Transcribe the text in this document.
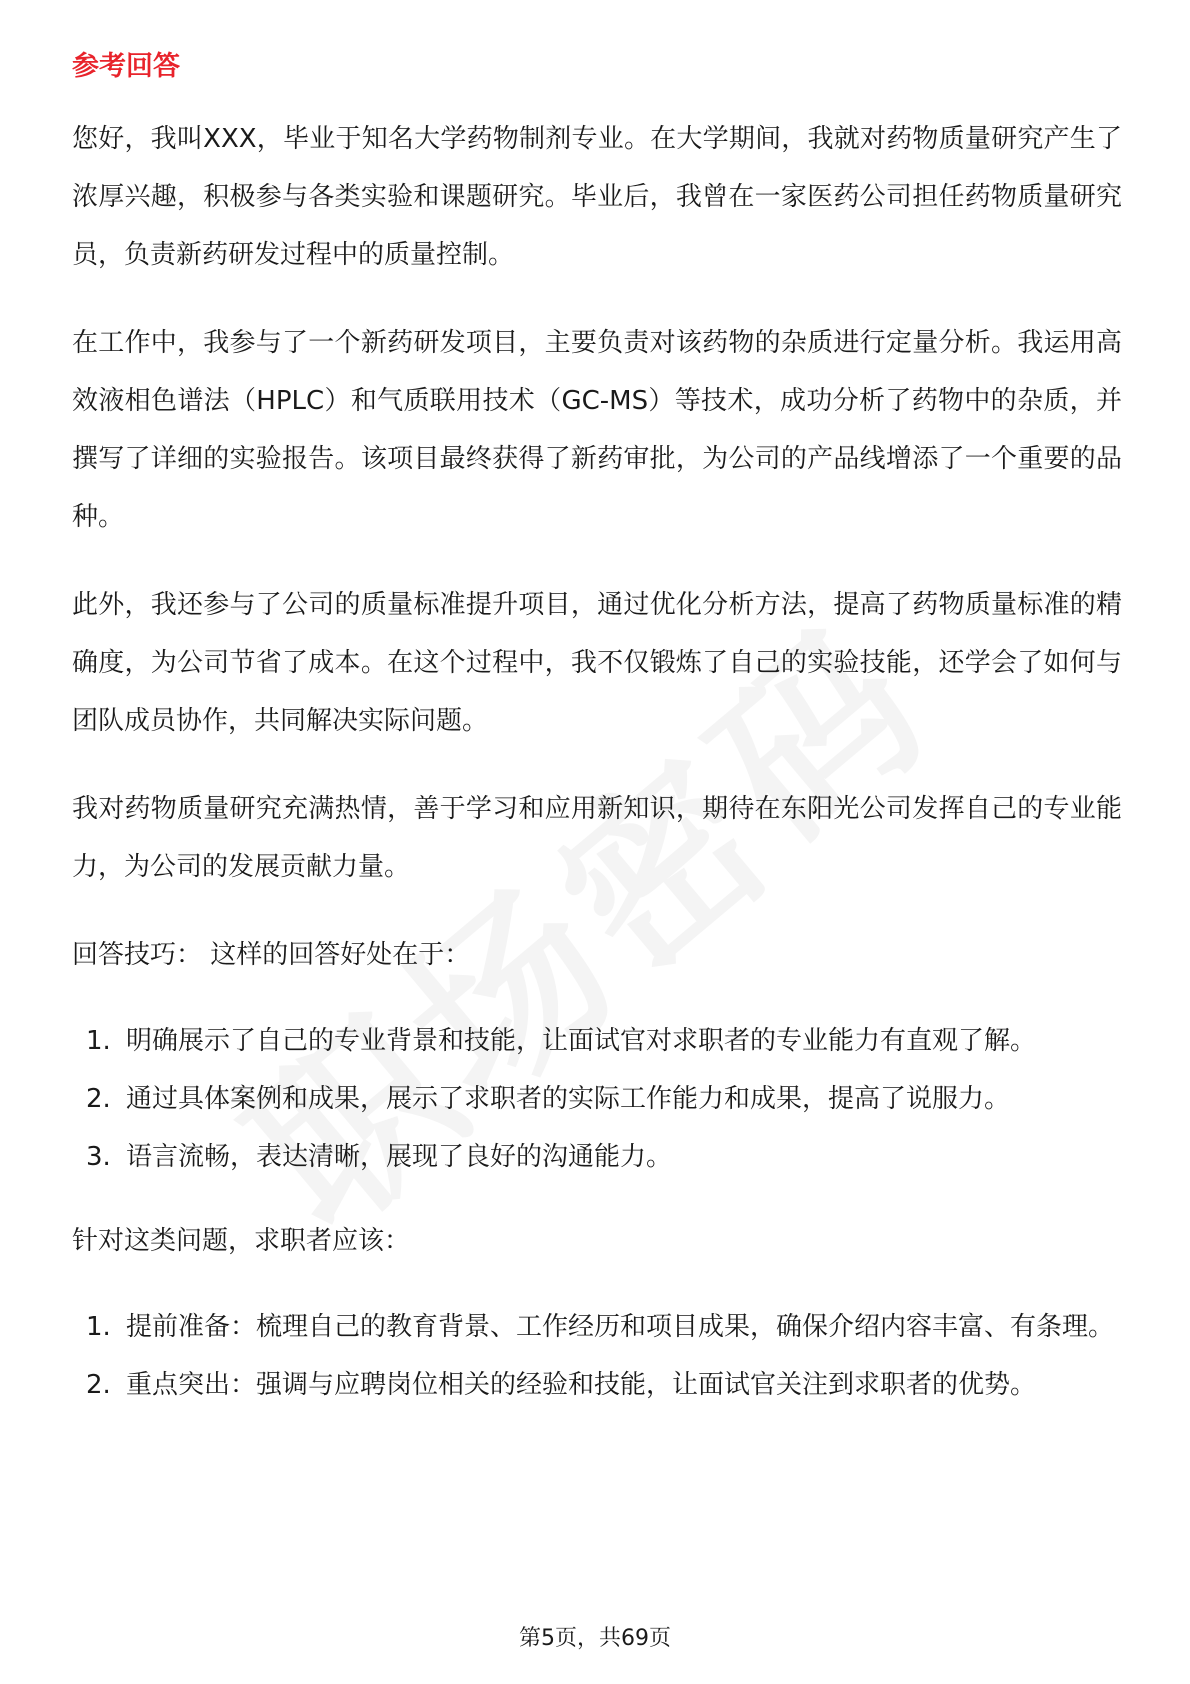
参考回答

您好，我叫XXX，毕业于知名大学药物制剂专业。在大学期间，我就对药物质量研究产生了浓厚兴趣，积极参与各类实验和课题研究。毕业后，我曾在一家医药公司担任药物质量研究员，负责新药研发过程中的质量控制。

在工作中，我参与了一个新药研发项目，主要负责对该药物的杂质进行定量分析。我运用高效液相色谱法（HPLC）和气质联用技术（GC-MS）等技术，成功分析了药物中的杂质，并撰写了详细的实验报告。该项目最终获得了新药审批，为公司的产品线增添了一个重要的品种。

此外，我还参与了公司的质量标准提升项目，通过优化分析方法，提高了药物质量标准的精确度，为公司节省了成本。在这个过程中，我不仅锻炼了自己的实验技能，还学会了如何与团队成员协作，共同解决实际问题。

我对药物质量研究充满热情，善于学习和应用新知识，期待在东阳光公司发挥自己的专业能力，为公司的发展贡献力量。

回答技巧： 这样的回答好处在于：
1. 明确展示了自己的专业背景和技能，让面试官对求职者的专业能力有直观了解。
2. 通过具体案例和成果，展示了求职者的实际工作能力和成果，提高了说服力。
3. 语言流畅，表达清晰，展现了良好的沟通能力。
针对这类问题，求职者应该：
1. 提前准备：梳理自己的教育背景、工作经历和项目成果，确保介绍内容丰富、有条理。
2. 重点突出：强调与应聘岗位相关的经验和技能，让面试官关注到求职者的优势。
第5页，共69页
